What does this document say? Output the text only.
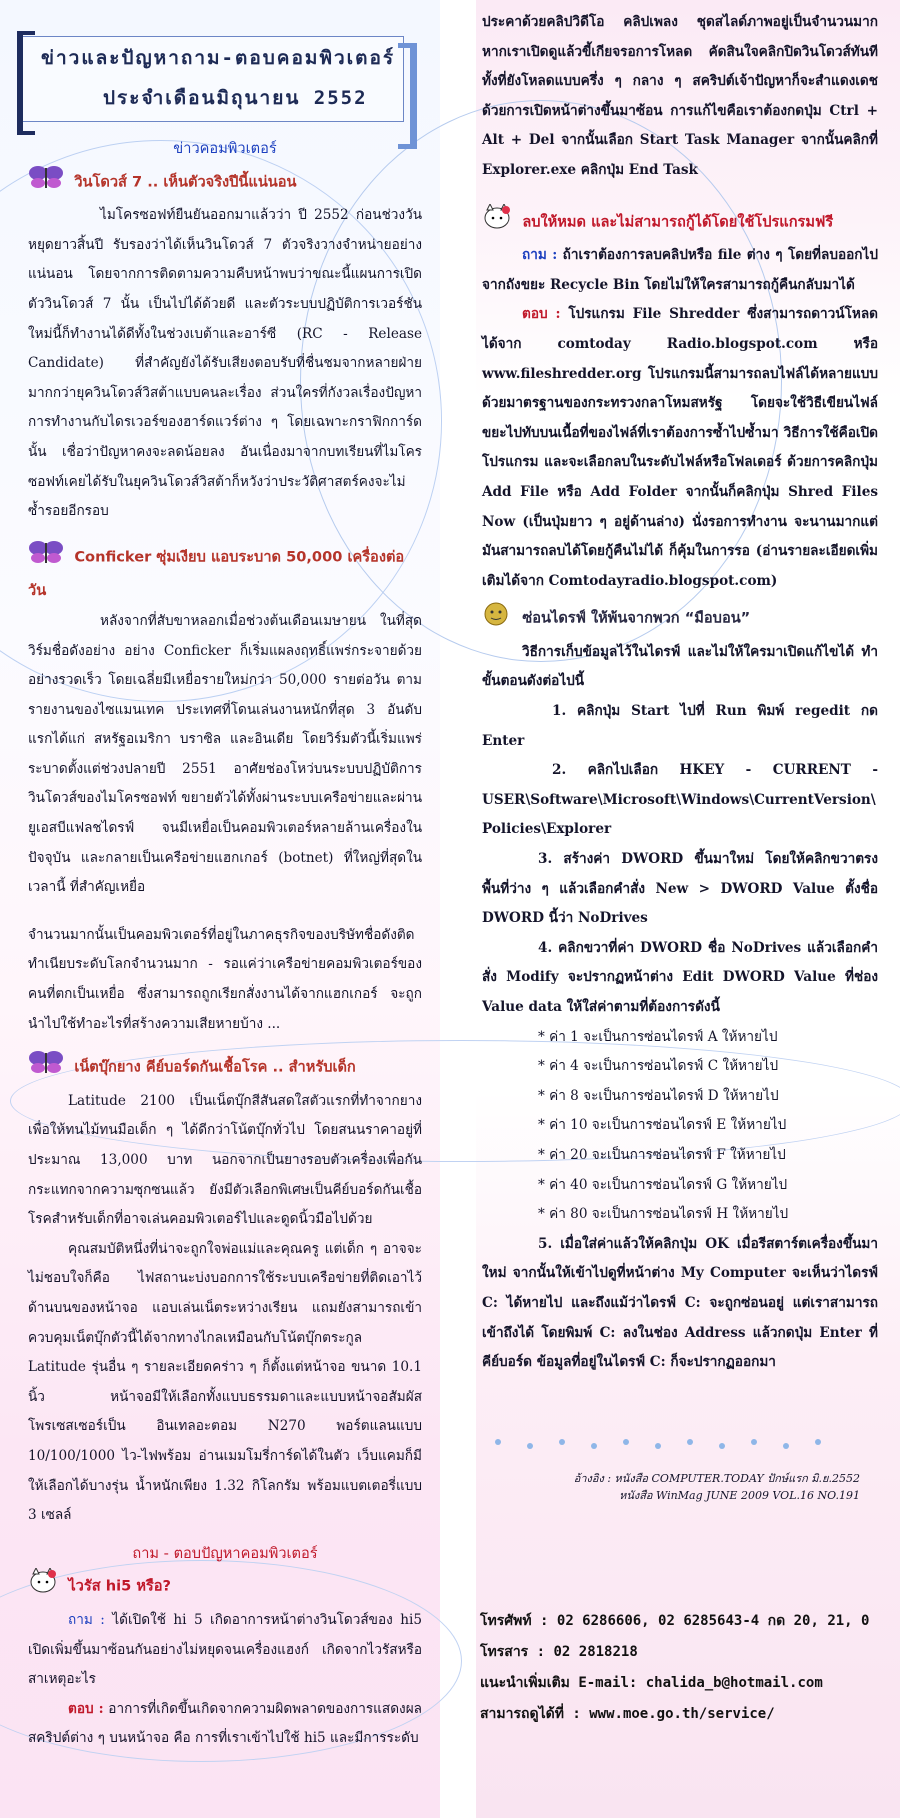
ข่าวและปัญหาถาม-ตอบคอมพิวเตอร์
ประจำเดือนมิถุนายน 2552
ข่าวคอมพิวเตอร์
วินโดวส์ 7 .. เห็นตัวจริงปีนี้แน่นอน

ไมโครซอฟท์ยืนยันออกมาแล้วว่า ปี 2552 ก่อนช่วงวันหยุดยาวสิ้นปี รับรองว่าได้เห็นวินโดวส์ 7 ตัวจริงวางจำหน่ายอย่างแน่นอน โดยจากการติดตามความคืบหน้าพบว่าขณะนี้แผนการเปิดตัววินโดวส์ 7 นั้น เป็นไปได้ด้วยดี และตัวระบบปฏิบัติการเวอร์ชันใหม่นี้ก็ทำงานได้ดีทั้งในช่วงเบต้าและอาร์ซี (RC - Release Candidate) ที่สำคัญยังได้รับเสียงตอบรับที่ชื่นชมจากหลายฝ่าย มากกว่ายุควินโดวส์วิสต้าแบบคนละเรื่อง ส่วนใครที่กังวลเรื่องปัญหาการทำงานกับไดรเวอร์ของฮาร์ดแวร์ต่าง ๆ โดยเฉพาะกราฟิกการ์ดนั้น เชื่อว่าปัญหาคงจะลดน้อยลง อันเนื่องมาจากบทเรียนที่ไมโครซอฟท์เคยได้รับในยุควินโดวส์วิสต้าก็หวังว่าประวัติศาสตร์คงจะไม่ซ้ำรอยอีกรอบ

Conficker ซุ่มเงียบ แอบระบาด 50,000 เครื่องต่อวัน

หลังจากที่สับขาหลอกเมื่อช่วงต้นเดือนเมษายน ในที่สุดวิร์มชื่อดังอย่าง อย่าง Conficker ก็เริ่มแผลงฤทธิ์แพร่กระจายด้วยอย่างรวดเร็ว โดยเฉลี่ยมีเหยื่อรายใหม่กว่า 50,000 รายต่อวัน ตามรายงานของไซแมนเทค ประเทศที่โดนเล่นงานหนักที่สุด 3 อันดับแรกได้แก่ สหรัฐอเมริกา บราซิล และอินเดีย โดยวิร์มตัวนี้เริ่มแพร่ระบาดตั้งแต่ช่วงปลายปี 2551 อาศัยช่องโหว่บนระบบปฏิบัติการวินโดวส์ของไมโครซอฟท์ ขยายตัวได้ทั้งผ่านระบบเครือข่ายและผ่านยูเอสบีแฟลชไดรฟ์ จนมีเหยื่อเป็นคอมพิวเตอร์หลายล้านเครื่องในปัจจุบัน และกลายเป็นเครือข่ายแฮกเกอร์ (botnet) ที่ใหญ่ที่สุดในเวลานี้ ที่สำคัญเหยื่อ

จำนวนมากนั้นเป็นคอมพิวเตอร์ที่อยู่ในภาคธุรกิจของบริษัทชื่อดังติดทำเนียบระดับโลกจำนวนมาก - รอแค่ว่าเครือข่ายคอมพิวเตอร์ของคนที่ตกเป็นเหยื่อ ซึ่งสามารถถูกเรียกสั่งงานได้จากแฮกเกอร์ จะถูกนำไปใช้ทำอะไรที่สร้างความเสียหายบ้าง ...

เน็ตบุ๊กยาง คีย์บอร์ดกันเชื้อโรค .. สำหรับเด็ก

Latitude 2100 เป็นเน็ตบุ๊กสีสันสดใสตัวแรกที่ทำจากยางเพื่อให้ทนไม้ทนมือเด็ก ๆ ได้ดีกว่าโน้ตบุ๊กทั่วไป โดยสนนราคาอยู่ที่ประมาณ 13,000 บาท นอกจากเป็นยางรอบตัวเครื่องเพื่อกันกระแทกจากความซุกซนแล้ว ยังมีตัวเลือกพิเศษเป็นคีย์บอร์ดกันเชื้อโรคสำหรับเด็กที่อาจเล่นคอมพิวเตอร์ไปและดูดนิ้วมือไปด้วย

คุณสมบัติหนึ่งที่น่าจะถูกใจพ่อแม่และคุณครู แต่เด็ก ๆ อาจจะไม่ชอบใจก็คือ ไฟสถานะบ่งบอกการใช้ระบบเครือข่ายที่ติดเอาไว้ด้านบนของหน้าจอ แอบเล่นเน็ตระหว่างเรียน แถมยังสามารถเข้าควบคุมเน็ตบุ๊กตัวนี้ได้จากทางไกลเหมือนกับโน้ตบุ๊กตระกูล Latitude รุ่นอื่น ๆ รายละเอียดคร่าว ๆ ก็ตั้งแต่หน้าจอ ขนาด 10.1 นิ้ว หน้าจอมีให้เลือกทั้งแบบธรรมดาและแบบหน้าจอสัมผัส โพรเซสเซอร์เป็น อินเทลอะตอม N270 พอร์ตแลนแบบ 10/100/1000 ไว-ไฟพร้อม อ่านเมมโมรี่การ์ดได้ในตัว เว็บแคมก็มีให้เลือกได้บางรุ่น น้ำหนักเพียง 1.32 กิโลกรัม พร้อมแบตเตอรี่แบบ 3 เซลล์

ถาม - ตอบปัญหาคอมพิวเตอร์
ไวรัส hi5 หรือ?

ถาม : ได้เปิดใช้ hi 5 เกิดอาการหน้าต่างวินโดวส์ของ hi5 เปิดเพิ่มขึ้นมาซ้อนกันอย่างไม่หยุดจนเครื่องแฮงก์ เกิดจากไวรัสหรือสาเหตุอะไร

ตอบ : อาการที่เกิดขึ้นเกิดจากความผิดพลาดของการแสดงผลสคริปต์ต่าง ๆ บนหน้าจอ คือ การที่เราเข้าไปใช้ hi5 และมีการระดับ

ประคาด้วยคลิปวิดีโอ คลิปเพลง ชุดสไลด์ภาพอยู่เป็นจำนวนมาก หากเราเปิดดูแล้วขี้เกียจรอการโหลด คัดสินใจคลิกปิดวินโดวส์ทันทีทั้งที่ยังโหลดแบบครึ่ง ๆ กลาง ๆ สคริปต์เจ้าปัญหาก็จะสำแดงเดช ด้วยการเปิดหน้าต่างขึ้นมาซ้อน การแก้ไขคือเราต้องกดปุ่ม Ctrl + Alt + Del จากนั้นเลือก Start Task Manager จากนั้นคลิกที่ Explorer.exe คลิกปุ่ม End Task

ลบให้หมด และไม่สามารถกู้ได้โดยใช้โปรแกรมฟรี

ถาม : ถ้าเราต้องการลบคลิปหรือ file ต่าง ๆ โดยที่ลบออกไปจากถังขยะ Recycle Bin โดยไม่ให้ใครสามารถกู้คืนกลับมาได้

ตอบ : โปรแกรม File Shredder ซึ่งสามารถดาวน์โหลดได้จาก comtoday Radio.blogspot.com หรือ www.fileshredder.org โปรแกรมนี้สามารถลบไฟล์ได้หลายแบบ ด้วยมาตรฐานของกระทรวงกลาโหมสหรัฐ โดยจะใช้วิธีเขียนไฟล์ขยะไปทับบนเนื้อที่ของไฟล์ที่เราต้องการซ้ำไปซ้ำมา วิธีการใช้คือเปิดโปรแกรม และจะเลือกลบในระดับไฟล์หรือโฟลเดอร์ ด้วยการคลิกปุ่ม Add File หรือ Add Folder จากนั้นก็คลิกปุ่ม Shred Files Now (เป็นปุ่มยาว ๆ อยู่ด้านล่าง) นั่งรอการทำงาน จะนานมากแต่มันสามารถลบได้โดยกู้คืนไม่ได้ ก็คุ้มในการรอ (อ่านรายละเอียดเพิ่มเติมได้จาก Comtodayradio.blogspot.com)

ซ่อนไดรฟ์ ให้พ้นจากพวก “มือบอน”

วิธีการเก็บข้อมูลไว้ในไดรฟ์ และไม่ให้ใครมาเปิดแก้ไขได้ ทำขั้นตอนดังต่อไปนี้

1. คลิกปุ่ม Start ไปที่ Run พิมพ์ regedit กด Enter

2. คลิกไปเลือก HKEY - CURRENT - USER\Software\Microsoft\Windows\CurrentVersion\ Policies\Explorer

3. สร้างค่า DWORD ขึ้นมาใหม่ โดยให้คลิกขวาตรงพื้นที่ว่าง ๆ แล้วเลือกคำสั่ง New > DWORD Value ตั้งชื่อ DWORD นี้ว่า NoDrives

4. คลิกขวาที่ค่า DWORD ชื่อ NoDrives แล้วเลือกคำสั่ง Modify จะปรากฏหน้าต่าง Edit DWORD Value ที่ช่อง Value data ให้ใส่ค่าตามที่ต้องการดังนี้

* ค่า 1 จะเป็นการซ่อนไดรฟ์ A ให้หายไป
* ค่า 4 จะเป็นการซ่อนไดรฟ์ C ให้หายไป
* ค่า 8 จะเป็นการซ่อนไดรฟ์ D ให้หายไป
* ค่า 10 จะเป็นการซ่อนไดรฟ์ E ให้หายไป
* ค่า 20 จะเป็นการซ่อนไดรฟ์ F ให้หายไป
* ค่า 40 จะเป็นการซ่อนไดรฟ์ G ให้หายไป
* ค่า 80 จะเป็นการซ่อนไดรฟ์ H ให้หายไป

5. เมื่อใส่ค่าแล้วให้คลิกปุ่ม OK เมื่อรีสตาร์ตเครื่องขึ้นมาใหม่ จากนั้นให้เข้าไปดูที่หน้าต่าง My Computer จะเห็นว่าไดรฟ์ C: ได้หายไป และถึงแม้ว่าไดรฟ์ C: จะถูกซ่อนอยู่ แต่เราสามารถเข้าถึงได้ โดยพิมพ์ C: ลงในช่อง Address แล้วกดปุ่ม Enter ที่คีย์บอร์ด ข้อมูลที่อยู่ในไดรฟ์ C: ก็จะปรากฏออกมา

อ้างอิง : หนังสือ COMPUTER.TODAY ปักษ์แรก มิ.ย.2552
หนังสือ WinMag JUNE 2009 VOL.16 NO.191
โทรศัพท์ : 02 6286606, 02 6285643-4 กด 20, 21, 0
โทรสาร : 02 2818218
แนะนำเพิ่มเติม E-mail: chalida_b@hotmail.com
สามารถดูได้ที่ : www.moe.go.th/service/
